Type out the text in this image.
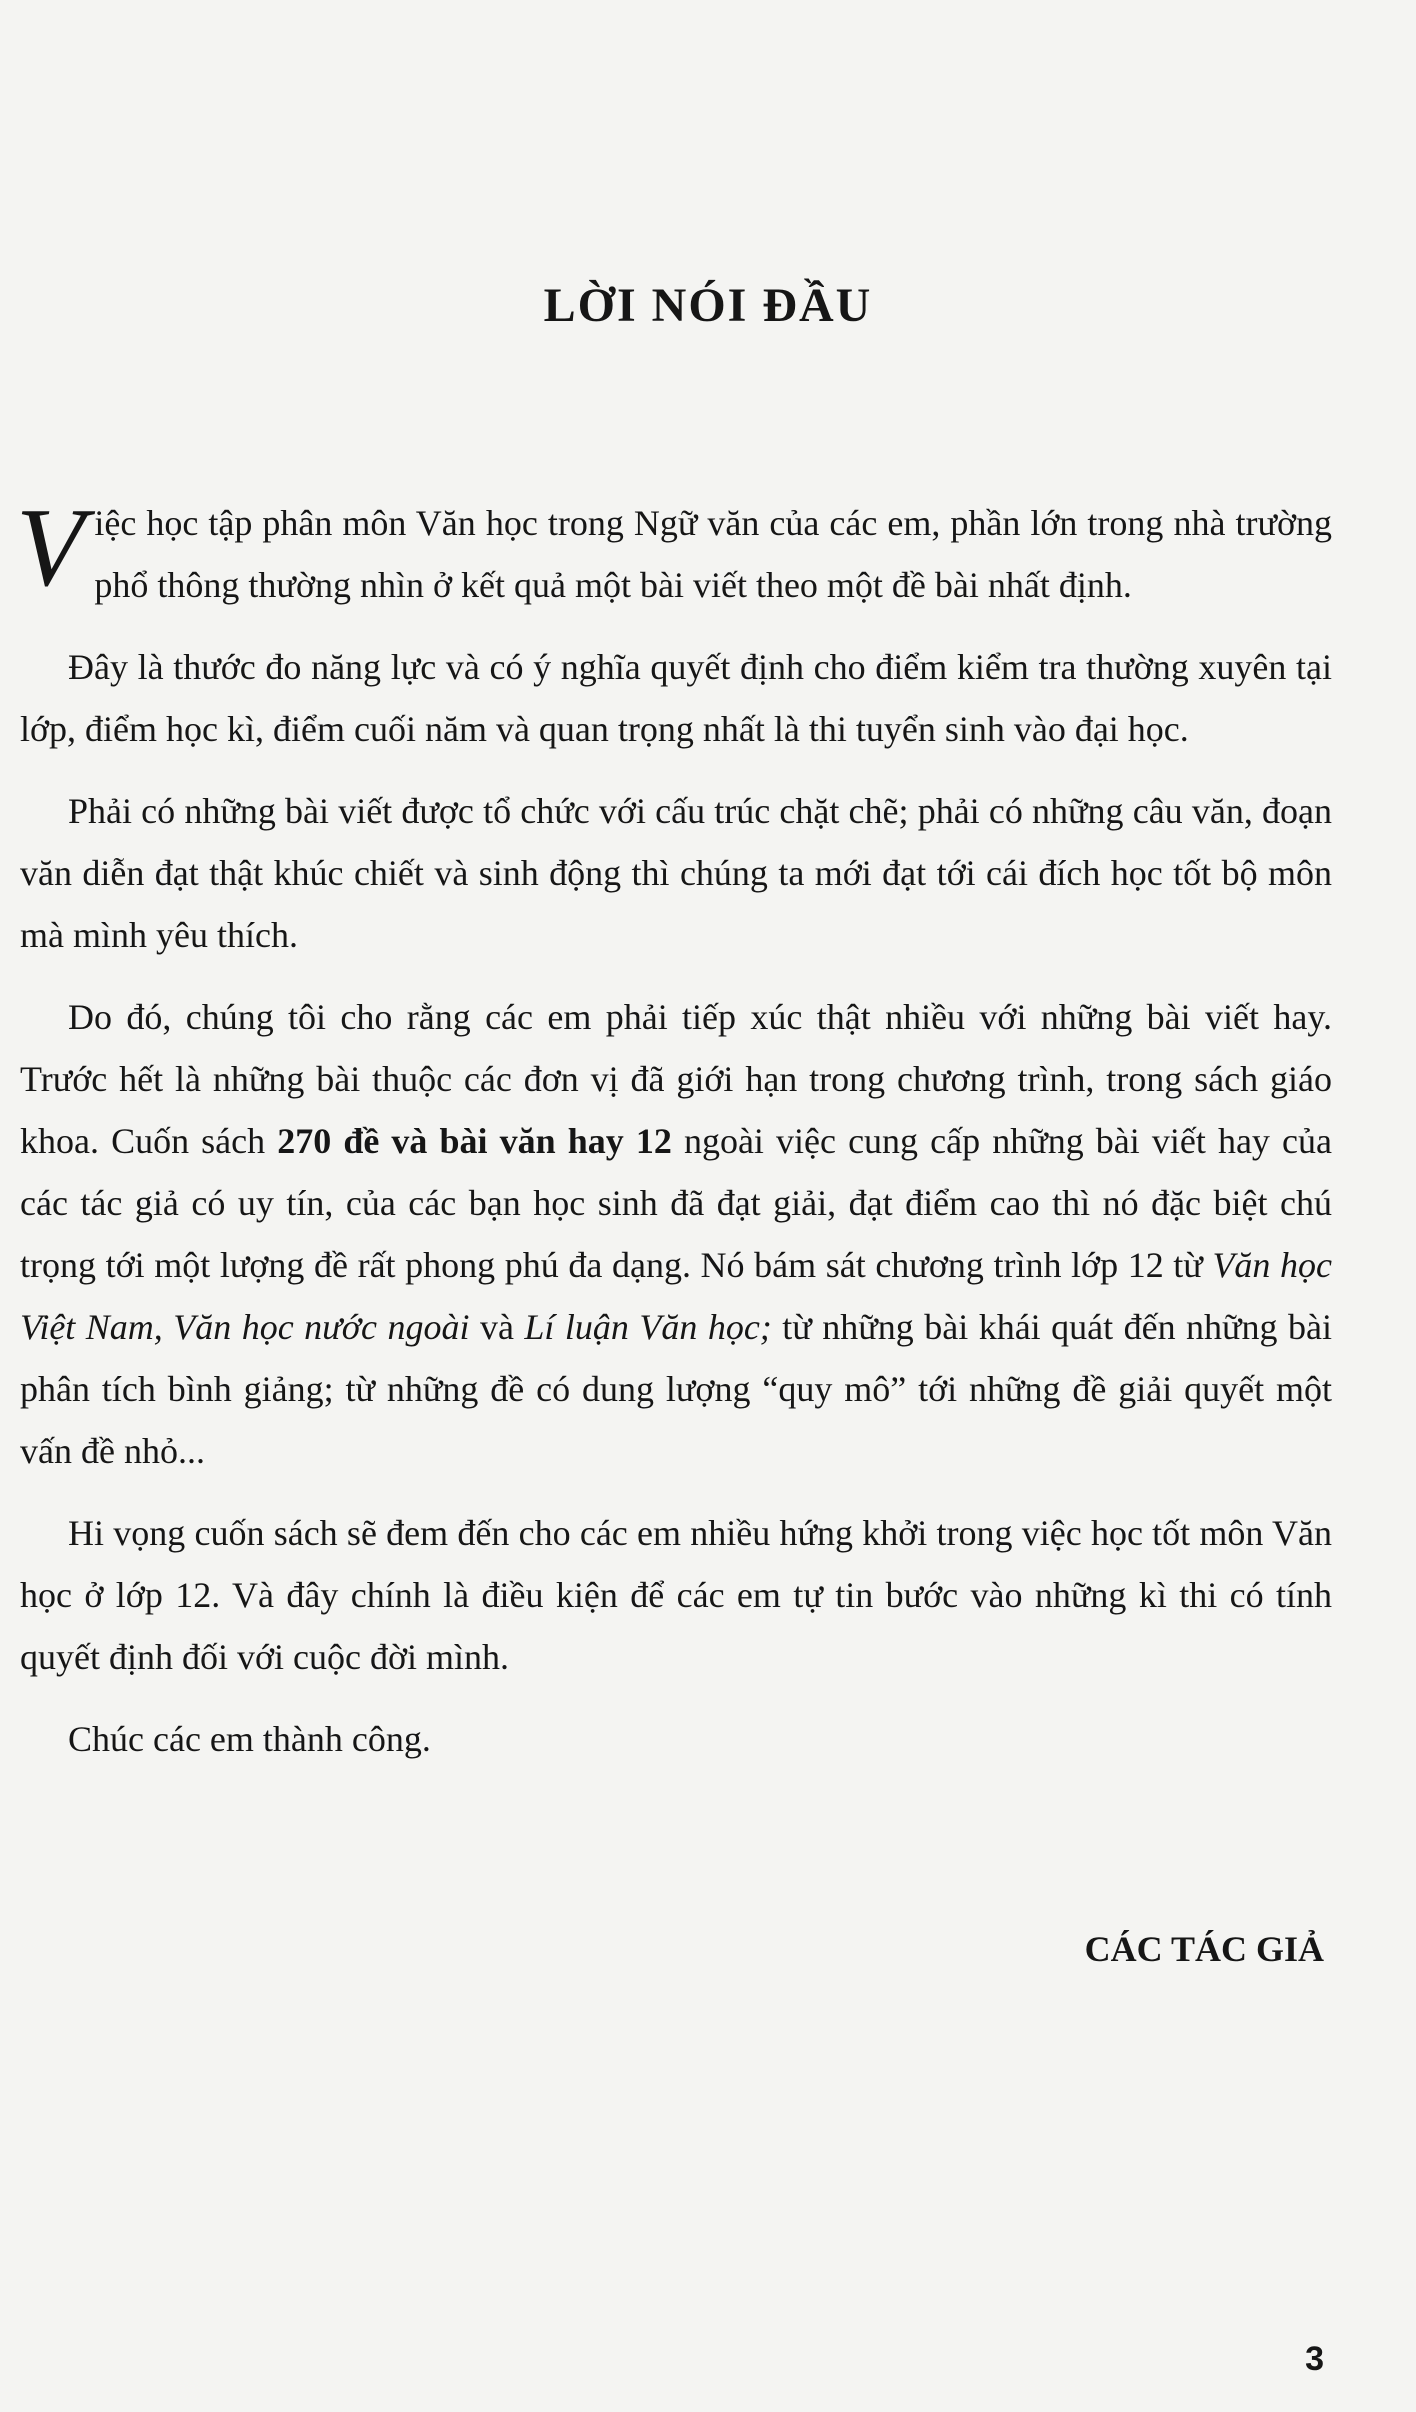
LỜI NÓI ĐẦU

Việc học tập phân môn Văn học trong Ngữ văn của các em, phần lớn trong nhà trường phổ thông thường nhìn ở kết quả một bài viết theo một đề bài nhất định.

Đây là thước đo năng lực và có ý nghĩa quyết định cho điểm kiểm tra thường xuyên tại lớp, điểm học kì, điểm cuối năm và quan trọng nhất là thi tuyển sinh vào đại học.

Phải có những bài viết được tổ chức với cấu trúc chặt chẽ; phải có những câu văn, đoạn văn diễn đạt thật khúc chiết và sinh động thì chúng ta mới đạt tới cái đích học tốt bộ môn mà mình yêu thích.

Do đó, chúng tôi cho rằng các em phải tiếp xúc thật nhiều với những bài viết hay. Trước hết là những bài thuộc các đơn vị đã giới hạn trong chương trình, trong sách giáo khoa. Cuốn sách 270 đề và bài văn hay 12 ngoài việc cung cấp những bài viết hay của các tác giả có uy tín, của các bạn học sinh đã đạt giải, đạt điểm cao thì nó đặc biệt chú trọng tới một lượng đề rất phong phú đa dạng. Nó bám sát chương trình lớp 12 từ Văn học Việt Nam, Văn học nước ngoài và Lí luận Văn học; từ những bài khái quát đến những bài phân tích bình giảng; từ những đề có dung lượng “quy mô” tới những đề giải quyết một vấn đề nhỏ...

Hi vọng cuốn sách sẽ đem đến cho các em nhiều hứng khởi trong việc học tốt môn Văn học ở lớp 12. Và đây chính là điều kiện để các em tự tin bước vào những kì thi có tính quyết định đối với cuộc đời mình.

Chúc các em thành công.

CÁC TÁC GIẢ
3
